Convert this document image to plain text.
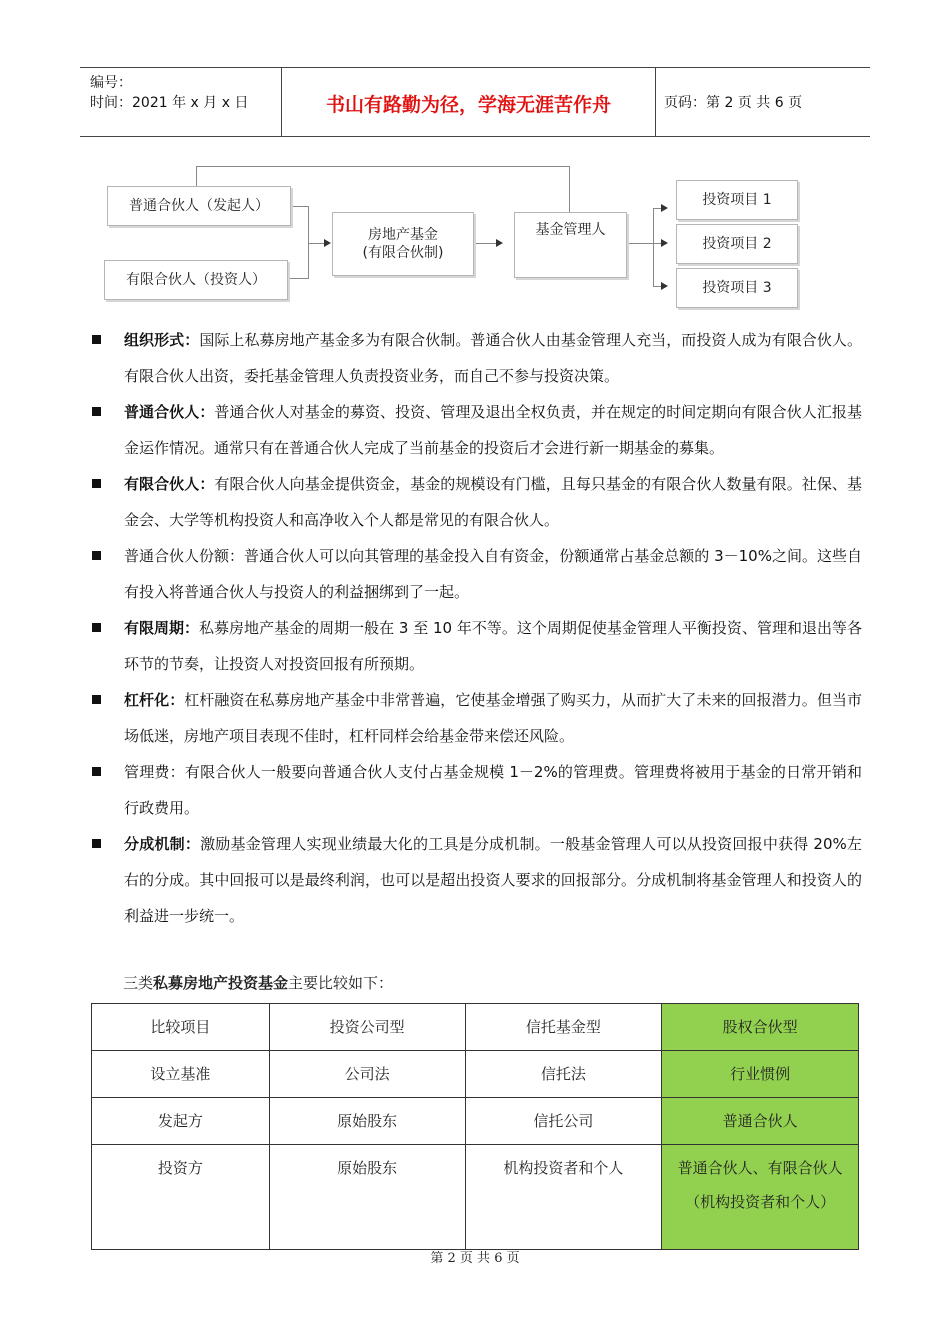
编号：
时间：2021 年 x 月 x 日	书山有路勤为径，学海无涯苦作舟	页码：第 2 页 共 6 页
普通合伙人（发起人）
有限合伙人（投资人）
房地产基金
(有限合伙制)
基金管理人
投资项目 1
投资项目 2
投资项目 3
组织形式：国际上私募房地产基金多为有限合伙制。普通合伙人由基金管理人充当，而投资人成为有限合伙人。有限合伙人出资，委托基金管理人负责投资业务，而自己不参与投资决策。
普通合伙人：普通合伙人对基金的募资、投资、管理及退出全权负责，并在规定的时间定期向有限合伙人汇报基金运作情况。通常只有在普通合伙人完成了当前基金的投资后才会进行新一期基金的募集。
有限合伙人：有限合伙人向基金提供资金，基金的规模设有门槛，且每只基金的有限合伙人数量有限。社保、基金会、大学等机构投资人和高净收入个人都是常见的有限合伙人。
普通合伙人份额：普通合伙人可以向其管理的基金投入自有资金，份额通常占基金总额的 3－10%之间。这些自有投入将普通合伙人与投资人的利益捆绑到了一起。
有限周期：私募房地产基金的周期一般在 3 至 10 年不等。这个周期促使基金管理人平衡投资、管理和退出等各环节的节奏，让投资人对投资回报有所预期。
杠杆化：杠杆融资在私募房地产基金中非常普遍，它使基金增强了购买力，从而扩大了未来的回报潜力。但当市场低迷，房地产项目表现不佳时，杠杆同样会给基金带来偿还风险。
管理费：有限合伙人一般要向普通合伙人支付占基金规模 1－2%的管理费。管理费将被用于基金的日常开销和行政费用。
分成机制：激励基金管理人实现业绩最大化的工具是分成机制。一般基金管理人可以从投资回报中获得 20%左右的分成。其中回报可以是最终利润，也可以是超出投资人要求的回报部分。分成机制将基金管理人和投资人的利益进一步统一。
三类私募房地产投资基金主要比较如下：
比较项目	投资公司型	信托基金型	股权合伙型
设立基准	公司法	信托法	行业惯例
发起方	原始股东	信托公司	普通合伙人
投资方	原始股东	机构投资者和个人	普通合伙人、有限合伙人（机构投资者和个人）
第 2 页 共 6 页
